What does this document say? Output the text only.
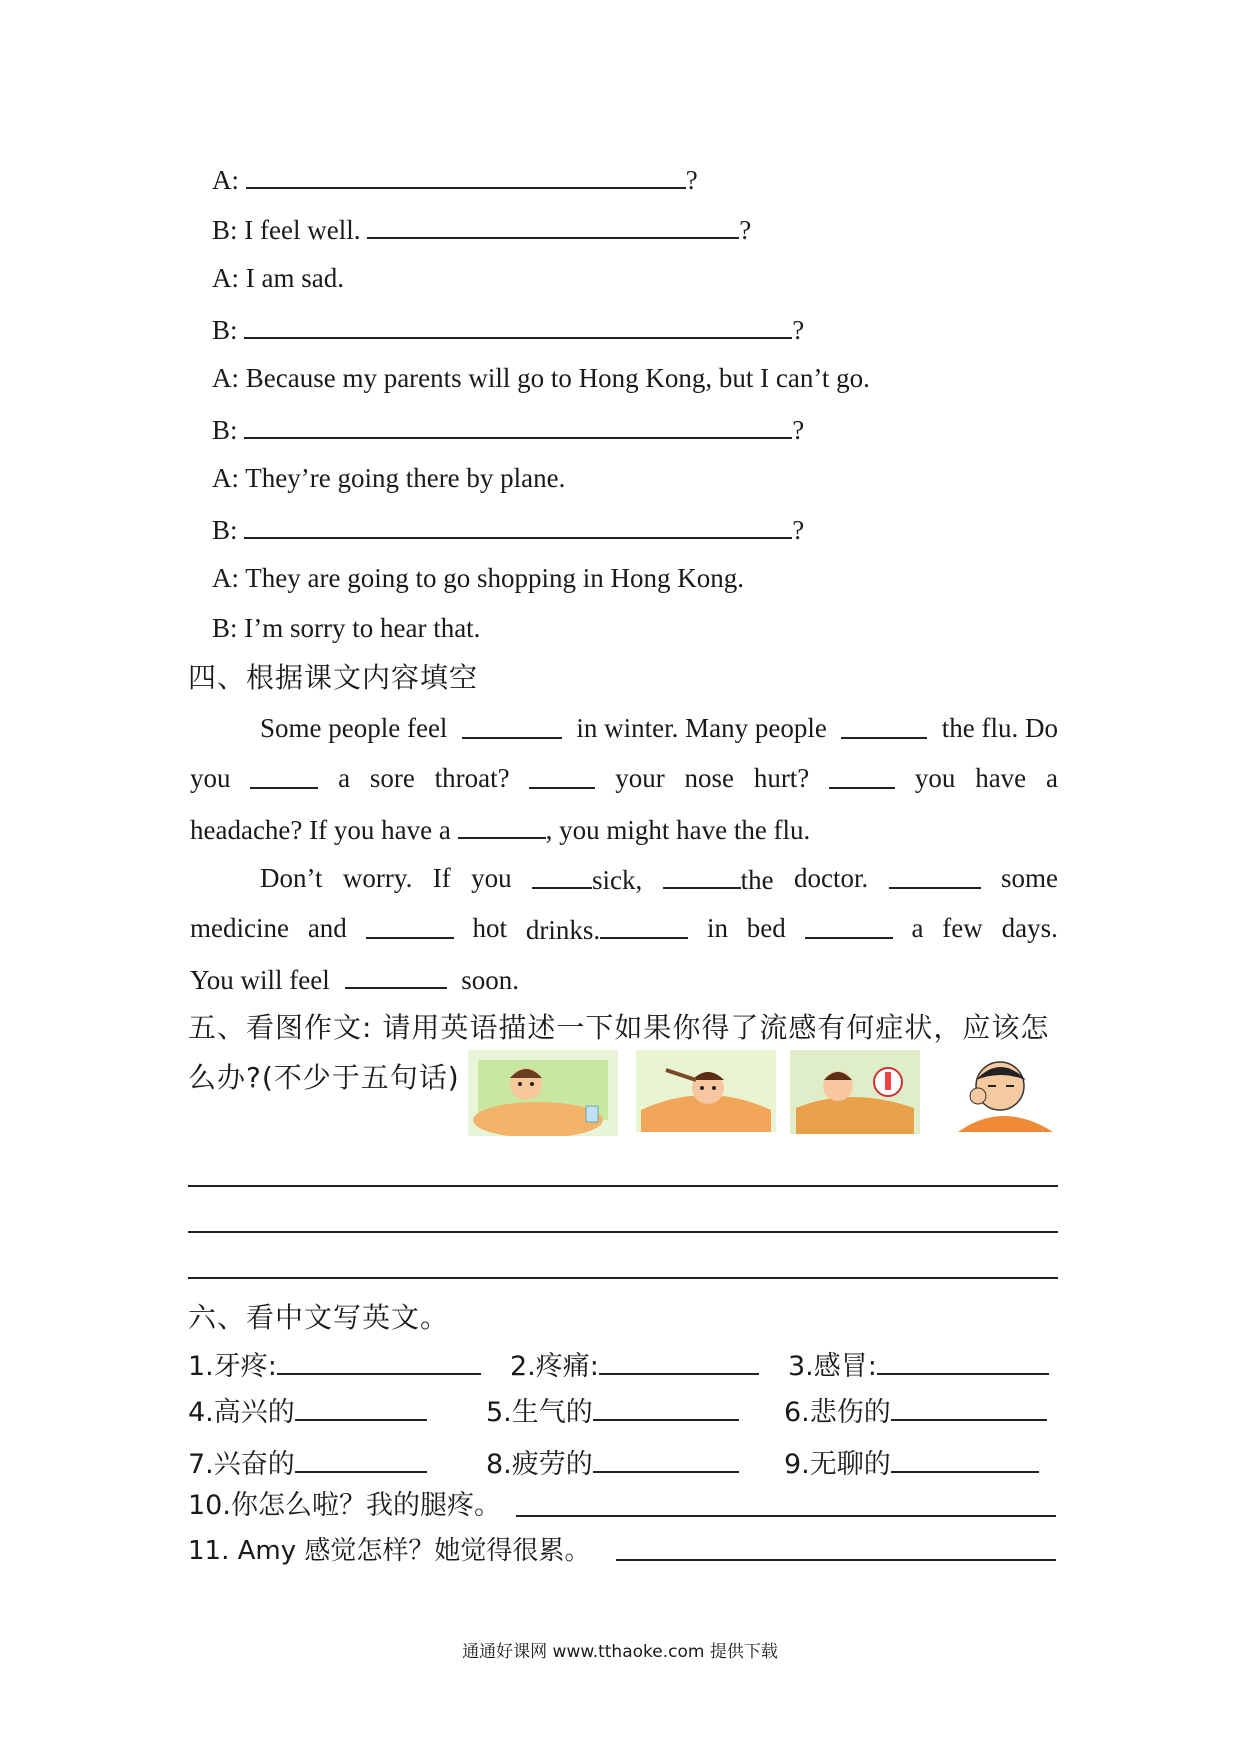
A:	?
B: I feel well.	?
A: I am sad.
B:	?
A: Because my parents will go to Hong Kong, but I can’t go.
B:	?
A: They’re going there by plane.
B:	?
A: They are going to go shopping in Hong Kong.
B: I’m sorry to hear that.
四、根据课文内容填空
Some people feel	in winter. Many people	the flu. Do
you	a sore throat?	your nose hurt?	you have a
headache? If you have a	, you might have the flu.
Don’t worry. If you	sick,	the doctor.	some
medicine and	hot drinks.	in bed	a few days.
You will feel	soon.
五、看图作文: 请用英语描述一下如果你得了流感有何症状，应该怎
么办?(不少于五句话)
六、看中文写英文。
1.牙疼:	2.疼痛:	3.感冒:
4.高兴的	5.生气的	6.悲伤的
7.兴奋的	8.疲劳的	9.无聊的
10.你怎么啦？我的腿疼。
11. Amy 感觉怎样？她觉得很累。
通通好课网 www.tthaoke.com 提供下载
